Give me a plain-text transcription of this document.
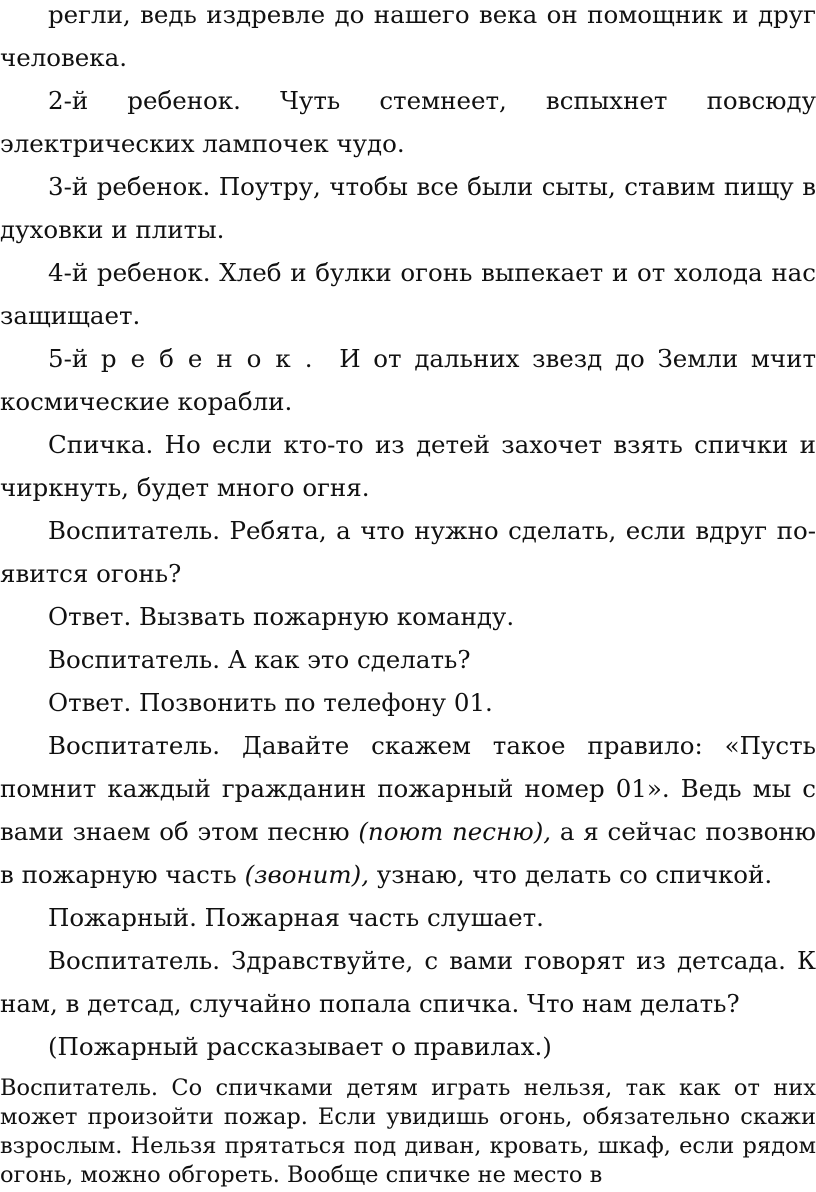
регли, ведь издревле до нашего века он помощник и друг человека.

2-й ребенок. Чуть стемнеет, вспыхнет повсюду электрических лампочек чудо.

3-й ребенок. Поутру, чтобы все были сыты, ставим пищу в духовки и плиты.

4-й ребенок. Хлеб и булки огонь выпекает и от холода нас защищает.

5-й ребенок. И от дальних звезд до Земли мчит космические корабли.

Спичка. Но если кто-то из детей захочет взять спички и чиркнуть, будет много огня.

Воспитатель. Ребята, а что нужно сделать, если вдруг по-явится огонь?

Ответ. Вызвать пожарную команду.

Воспитатель. А как это сделать?

Ответ. Позвонить по телефону 01.

Воспитатель. Давайте скажем такое правило: «Пусть помнит каждый гражданин пожарный номер 01». Ведь мы с вами знаем об этом песню (поют песню), а я сейчас позвоню в пожарную часть (звонит), узнаю, что делать со спичкой.

Пожарный. Пожарная часть слушает.

Воспитатель. Здравствуйте, с вами говорят из детсада. К нам, в детсад, случайно попала спичка. Что нам делать?

(Пожарный рассказывает о правилах.)

Воспитатель. Со спичками детям играть нельзя, так как от них может произойти пожар. Если увидишь огонь, обязательно скажи взрослым. Нельзя прятаться под диван, кровать, шкаф, если рядом огонь, можно обгореть. Вообще спичке не место в
